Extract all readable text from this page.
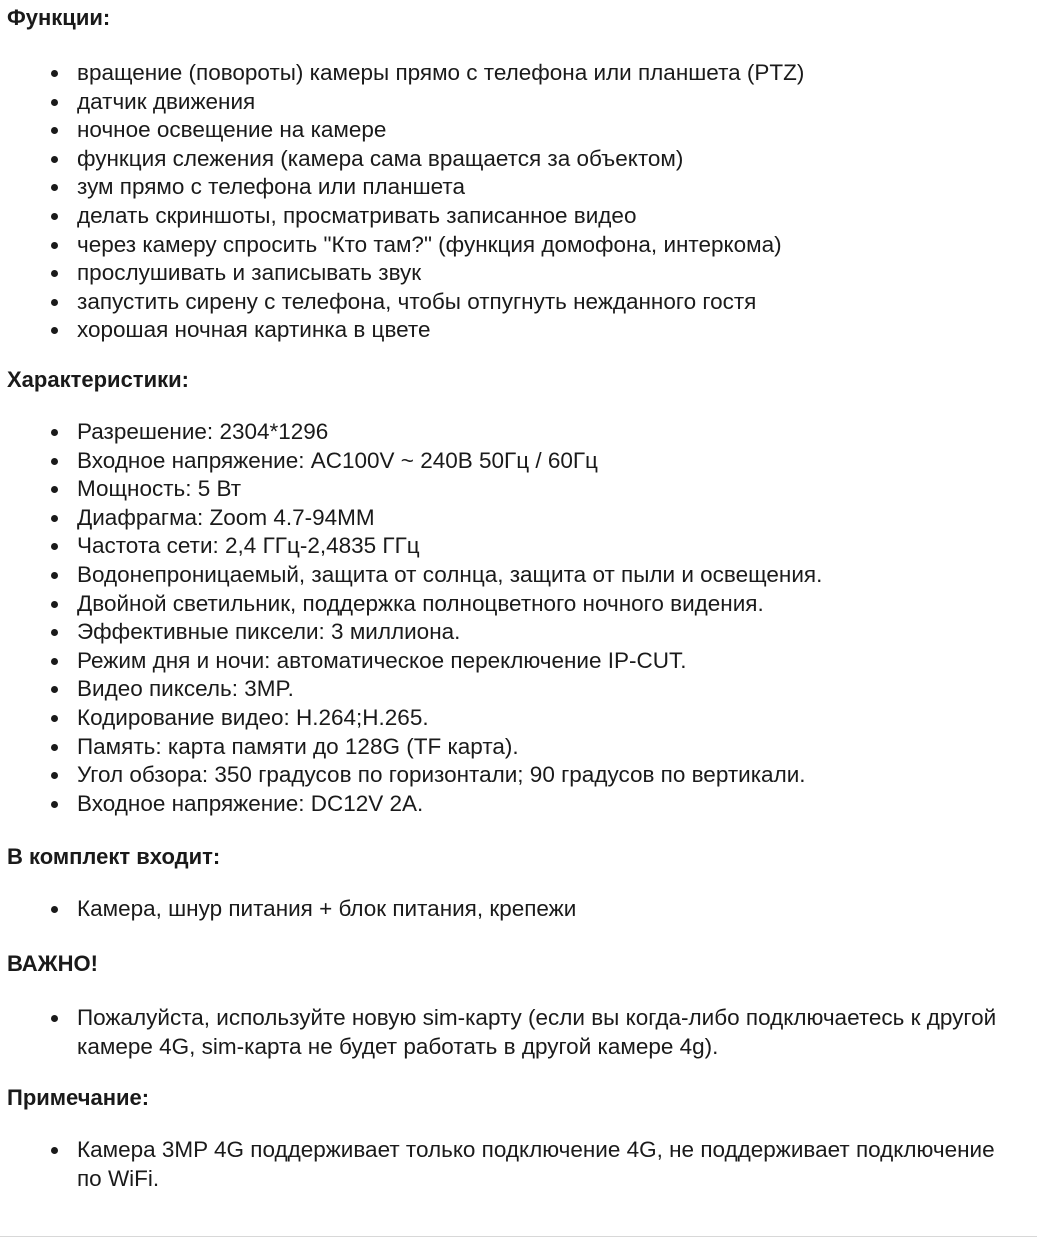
Функции:
вращение (повороты) камеры прямо с телефона или планшета (PTZ)
датчик движения
ночное освещение на камере
функция слежения (камера сама вращается за объектом)
зум прямо с телефона или планшета
делать скриншоты, просматривать записанное видео
через камеру спросить "Кто там?" (функция домофона, интеркома)
прослушивать и записывать звук
запустить сирену с телефона, чтобы отпугнуть нежданного гостя
хорошая ночная картинка в цвете
Характеристики:
Разрешение: 2304*1296
Входное напряжение: AC100V ~ 240В 50Гц / 60Гц
Мощность: 5 Вт
Диафрагма: Zoom 4.7-94MM
Частота сети: 2,4 ГГц-2,4835 ГГц
Водонепроницаемый, защита от солнца, защита от пыли и освещения.
Двойной светильник, поддержка полноцветного ночного видения.
Эффективные пиксели: 3 миллиона.
Режим дня и ночи: автоматическое переключение IP-CUT.
Видео пиксель: 3MP.
Кодирование видео: H.264;H.265.
Память: карта памяти до 128G (TF карта).
Угол обзора: 350 градусов по горизонтали; 90 градусов по вертикали.
Входное напряжение: DC12V 2A.
В комплект входит:
Камера, шнур питания + блок питания, крепежи
ВАЖНО!
Пожалуйста, используйте новую sim-карту (если вы когда-либо подключаетесь к другой камере 4G, sim-карта не будет работать в другой камере 4g).
Примечание:
Камера 3MP 4G поддерживает только подключение 4G, не поддерживает подключение по WiFi.
